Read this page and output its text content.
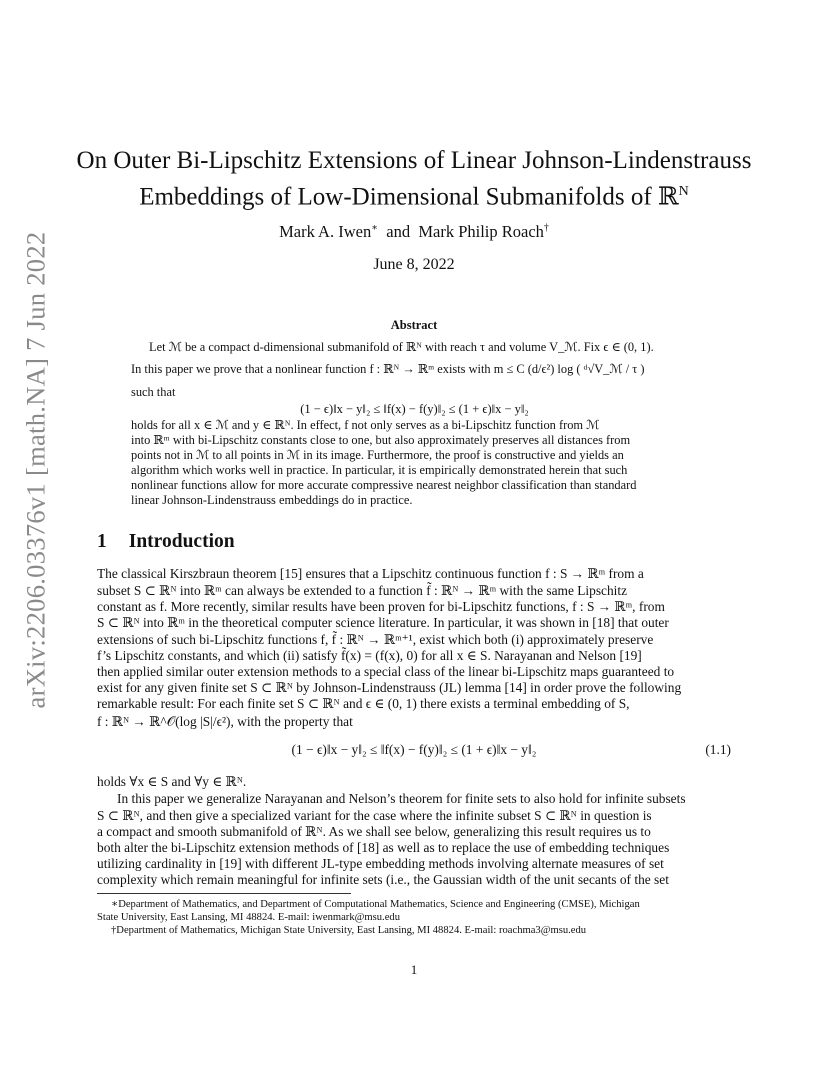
arXiv:2206.03376v1 [math.NA] 7 Jun 2022
On Outer Bi-Lipschitz Extensions of Linear Johnson-Lindenstrauss
Embeddings of Low-Dimensional Submanifolds of ℝ$^N$
Mark A. Iwen∗ and Mark Philip Roach†
June 8, 2022
Abstract
Let ℳ be a compact d-dimensional submanifold of ℝᴺ with reach τ and volume V_ℳ. Fix ϵ ∈ (0, 1).
In this paper we prove that a nonlinear function f : ℝᴺ → ℝᵐ exists with m ≤ C (d/ϵ²) log ( ᵈ√V_ℳ / τ )
such that
(1 − ϵ)‖x − y‖₂ ≤ ‖f(x) − f(y)‖₂ ≤ (1 + ϵ)‖x − y‖₂
holds for all x ∈ ℳ and y ∈ ℝᴺ. In effect, f not only serves as a bi-Lipschitz function from ℳ
into ℝᵐ with bi-Lipschitz constants close to one, but also approximately preserves all distances from
points not in ℳ to all points in ℳ in its image. Furthermore, the proof is constructive and yields an
algorithm which works well in practice. In particular, it is empirically demonstrated herein that such
nonlinear functions allow for more accurate compressive nearest neighbor classification than standard
linear Johnson-Lindenstrauss embeddings do in practice.
1 Introduction
The classical Kirszbraun theorem [15] ensures that a Lipschitz continuous function f : S → ℝᵐ from a
subset S ⊂ ℝᴺ into ℝᵐ can always be extended to a function f̃ : ℝᴺ → ℝᵐ with the same Lipschitz
constant as f. More recently, similar results have been proven for bi-Lipschitz functions, f : S → ℝᵐ, from
S ⊂ ℝᴺ into ℝᵐ in the theoretical computer science literature. In particular, it was shown in [18] that outer
extensions of such bi-Lipschitz functions f, f̃ : ℝᴺ → ℝᵐ⁺¹, exist which both (i) approximately preserve
f’s Lipschitz constants, and which (ii) satisfy f̃(x) = (f(x), 0) for all x ∈ S. Narayanan and Nelson [19]
then applied similar outer extension methods to a special class of the linear bi-Lipschitz maps guaranteed to
exist for any given finite set S ⊂ ℝᴺ by Johnson-Lindenstrauss (JL) lemma [14] in order prove the following
remarkable result: For each finite set S ⊂ ℝᴺ and ϵ ∈ (0, 1) there exists a terminal embedding of S,
f : ℝᴺ → ℝ^𝒪(log |S|/ϵ²), with the property that
(1 − ϵ)‖x − y‖₂ ≤ ‖f(x) − f(y)‖₂ ≤ (1 + ϵ)‖x − y‖₂	(1.1)
holds ∀x ∈ S and ∀y ∈ ℝᴺ.
In this paper we generalize Narayanan and Nelson’s theorem for finite sets to also hold for infinite subsets
S ⊂ ℝᴺ, and then give a specialized variant for the case where the infinite subset S ⊂ ℝᴺ in question is
a compact and smooth submanifold of ℝᴺ. As we shall see below, generalizing this result requires us to
both alter the bi-Lipschitz extension methods of [18] as well as to replace the use of embedding techniques
utilizing cardinality in [19] with different JL-type embedding methods involving alternate measures of set
complexity which remain meaningful for infinite sets (i.e., the Gaussian width of the unit secants of the set
∗Department of Mathematics, and Department of Computational Mathematics, Science and Engineering (CMSE), Michigan
State University, East Lansing, MI 48824. E-mail: iwenmark@msu.edu
†Department of Mathematics, Michigan State University, East Lansing, MI 48824. E-mail: roachma3@msu.edu
1
